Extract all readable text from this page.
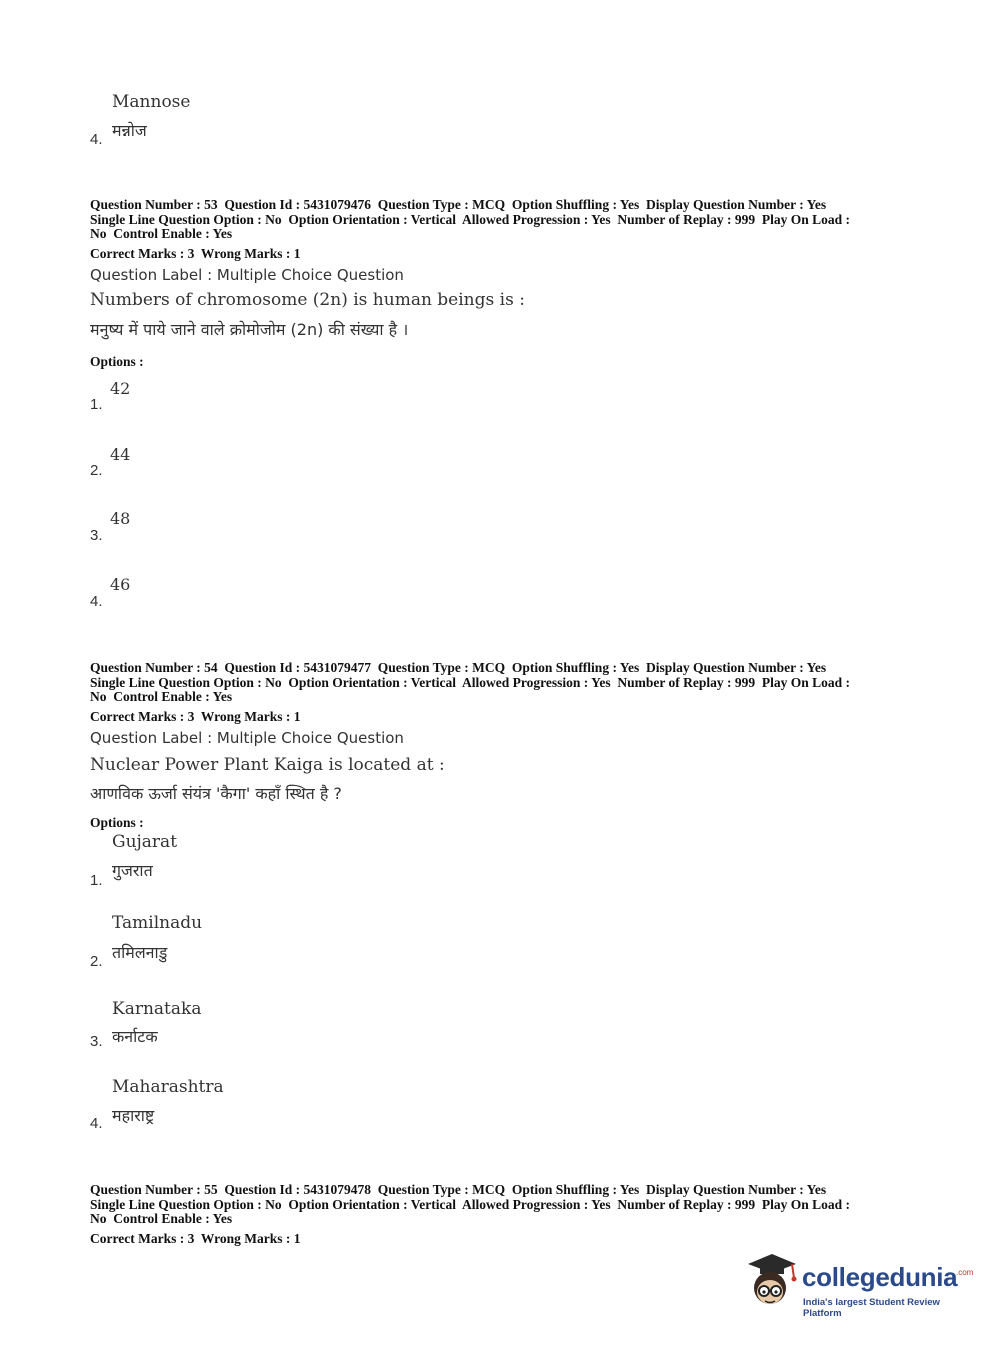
Mannose
मन्नोज
4.
Question Number : 53  Question Id : 5431079476  Question Type : MCQ  Option Shuffling : Yes  Display Question Number : Yes
Single Line Question Option : No  Option Orientation : Vertical  Allowed Progression : Yes  Number of Replay : 999  Play On Load :
No  Control Enable : Yes
Correct Marks : 3  Wrong Marks : 1
Question Label : Multiple Choice Question
Numbers of chromosome (2n) is human beings is :
मनुष्य में पाये जाने वाले क्रोमोजोम (2n) की संख्या है ।
Options :
42
1.
44
2.
48
3.
46
4.
Question Number : 54  Question Id : 5431079477  Question Type : MCQ  Option Shuffling : Yes  Display Question Number : Yes
Single Line Question Option : No  Option Orientation : Vertical  Allowed Progression : Yes  Number of Replay : 999  Play On Load :
No  Control Enable : Yes
Correct Marks : 3  Wrong Marks : 1
Question Label : Multiple Choice Question
Nuclear Power Plant Kaiga is located at :
आणविक ऊर्जा संयंत्र 'कैगा' कहाँ स्थित है ?
Options :
Gujarat
गुजरात
1.
Tamilnadu
तमिलनाडु
2.
Karnataka
कर्नाटक
3.
Maharashtra
महाराष्ट्र
4.
Question Number : 55  Question Id : 5431079478  Question Type : MCQ  Option Shuffling : Yes  Display Question Number : Yes
Single Line Question Option : No  Option Orientation : Vertical  Allowed Progression : Yes  Number of Replay : 999  Play On Load :
No  Control Enable : Yes
Correct Marks : 3  Wrong Marks : 1
collegedunia
.com
India's largest Student Review Platform
